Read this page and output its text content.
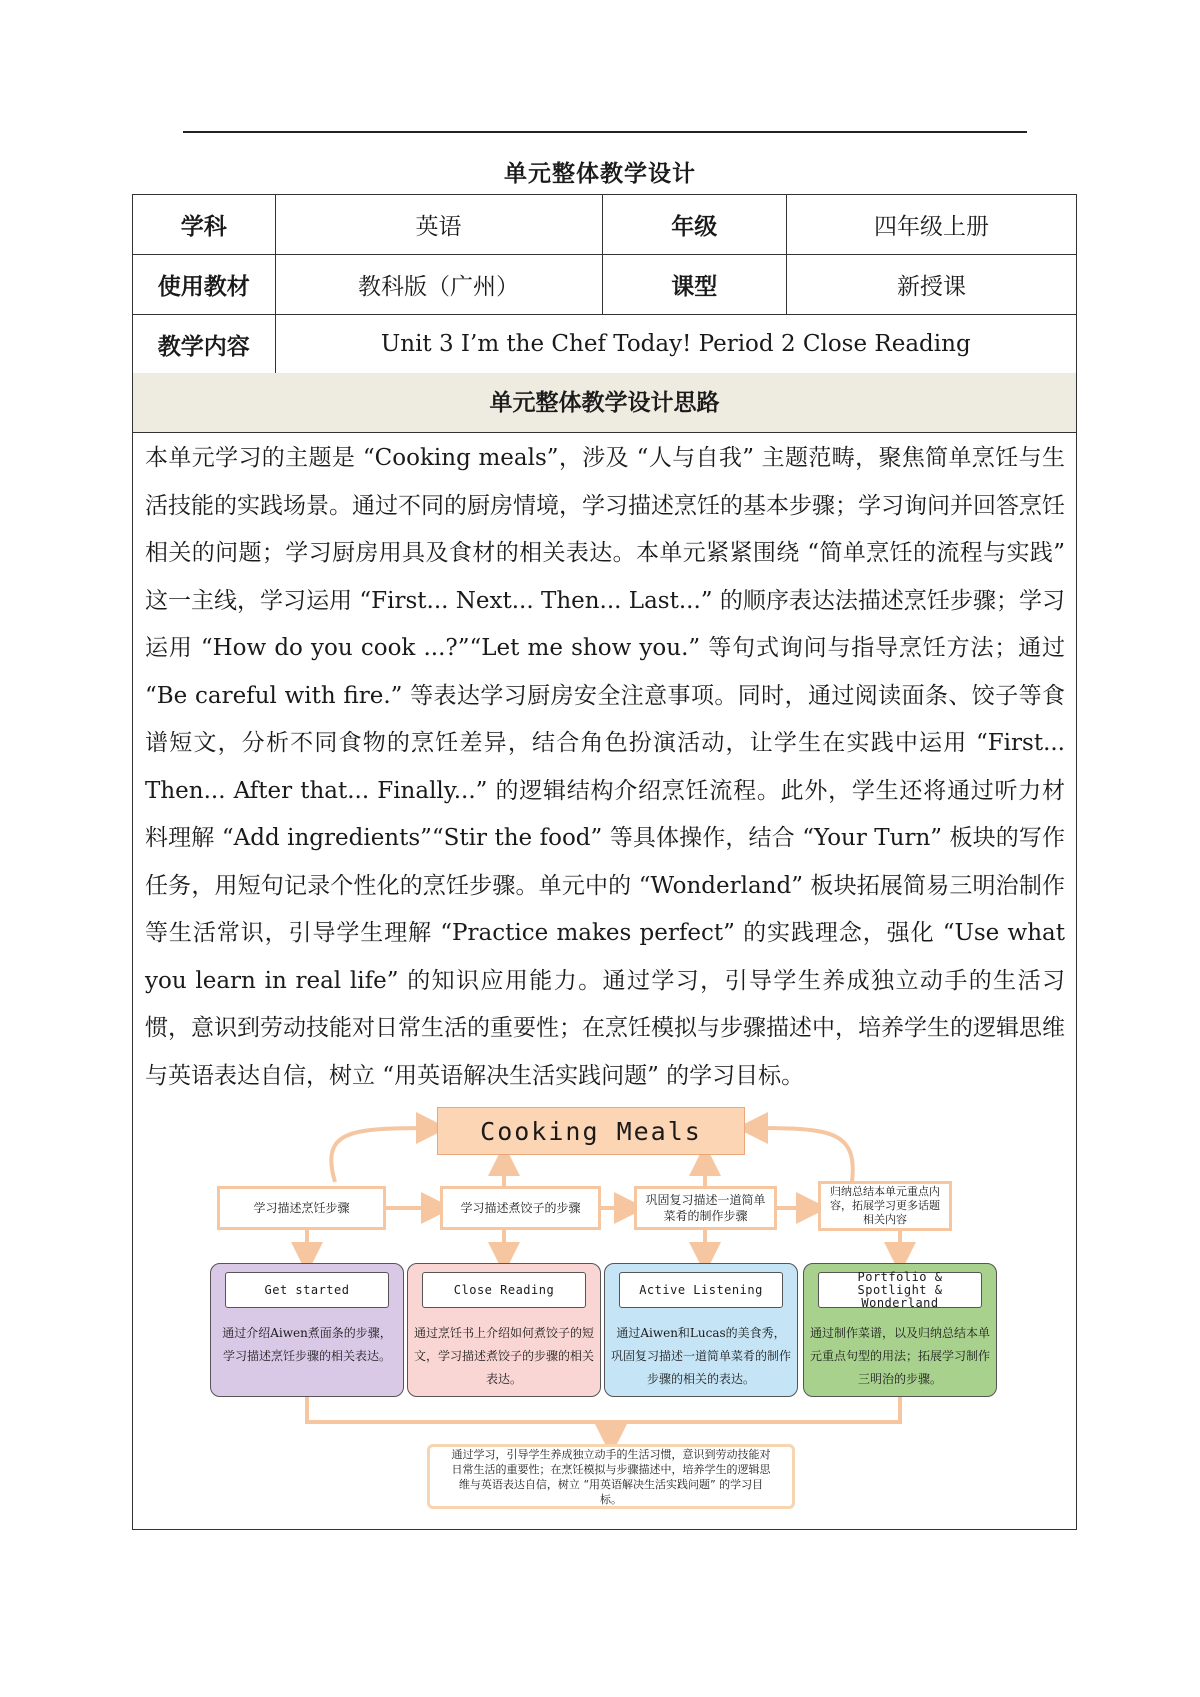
单元整体教学设计
学科	英语	年级	四年级上册
使用教材	教科版（广州）	课型	新授课
教学内容	Unit 3 I’m the Chef Today! Period 2 Close Reading		
单元整体教学设计思路
本单元学习的主题是 “Cooking meals”，涉及 “人与自我” 主题范畴，聚焦简单烹饪与生活技能的实践场景。通过不同的厨房情境，学习描述烹饪的基本步骤；学习询问并回答烹饪相关的问题；学习厨房用具及食材的相关表达。本单元紧紧围绕 “简单烹饪的流程与实践” 这一主线，学习运用 “First... Next... Then... Last...” 的顺序表达法描述烹饪步骤；学习运用 “How do you cook ...?”“Let me show you.” 等句式询问与指导烹饪方法；通过 “Be careful with fire.” 等表达学习厨房安全注意事项。同时，通过阅读面条、饺子等食谱短文，分析不同食物的烹饪差异，结合角色扮演活动，让学生在实践中运用 “First... Then... After that... Finally...” 的逻辑结构介绍烹饪流程。此外，学生还将通过听力材料理解 “Add ingredients”“Stir the food” 等具体操作，结合 “Your Turn” 板块的写作任务，用短句记录个性化的烹饪步骤。单元中的 “Wonderland” 板块拓展简易三明治制作等生活常识，引导学生理解 “Practice makes perfect” 的实践理念，强化 “Use what you learn in real life” 的知识应用能力。通过学习，引导学生养成独立动手的生活习惯，意识到劳动技能对日常生活的重要性；在烹饪模拟与步骤描述中，培养学生的逻辑思维与英语表达自信，树立 “用英语解决生活实践问题” 的学习目标。
Cooking Meals
学习描述烹饪步骤	学习描述煮饺子的步骤
巩固复习描述一道简单菜肴的制作步骤
归纳总结本单元重点内容，拓展学习更多话题相关内容
Get started
通过介绍Aiwen煮面条的步骤，学习描述烹饪步骤的相关表达。
Close Reading
通过烹饪书上介绍如何煮饺子的短文，学习描述煮饺子的步骤的相关表达。
Active Listening
通过Aiwen和Lucas的美食秀，巩固复习描述一道简单菜肴的制作步骤的相关的表达。
Portfolio & Spotlight & Wonderland
通过制作菜谱，以及归纳总结本单元重点句型的用法；拓展学习制作三明治的步骤。
通过学习，引导学生养成独立动手的生活习惯，意识到劳动技能对日常生活的重要性；在烹饪模拟与步骤描述中，培养学生的逻辑思维与英语表达自信，树立 “用英语解决生活实践问题” 的学习目标。
